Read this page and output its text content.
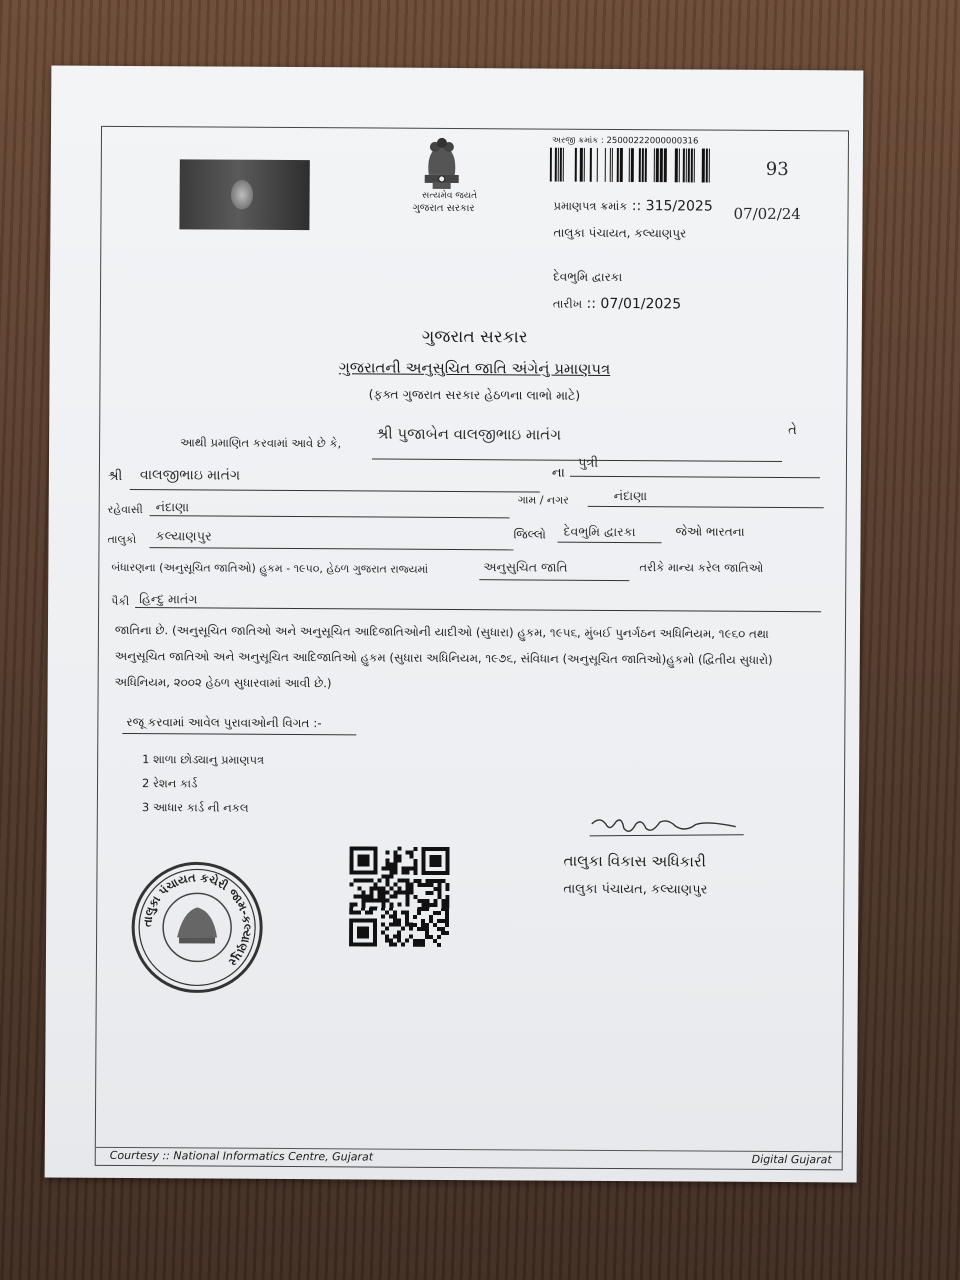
93
07/02/24
સત્યમેવ જયતે
ગુજરાત સરકાર
અરજી ક્રમાંક : 25000222000000316
પ્રમાણપત્ર ક્રમાંક :: 315/2025
તાલુકા પંચાયત, કલ્યાણપુર
દેવભુમિ દ્વારકા
તારીખ :: 07/01/2025
ગુજરાત સરકાર
ગુજરાતની અનુસુચિત જાતિ અંગેનું પ્રમાણપત્ર
(ફક્ત ગુજરાત સરકાર હેઠળના લાભો માટે)
આથી પ્રમાણિત કરવામાં આવે છે કે, શ્રી પુજાબેન વાલજીભાઇ માતંગ	તે
શ્રી વાલજીભાઇ માતંગ	ના
પુત્રી
ગામ / નગર	નંદાણા
રહેવાસી નંદાણા
તાલુકો કલ્યાણપુર	જિલ્લો દેવભુમિ દ્વારકા	જેઓ ભારતના
બંધારણના (અનુસૂચિત જાતિઓ) હુકમ - ૧૯૫૦, હેઠળ ગુજરાત રાજ્યમાં	અનુસુચિત જાતિ	તરીકે માન્ય કરેલ જાતિઓ
પૈકી હિન્દુ માતંગ
જાતિના છે. (અનુસૂચિત જાતિઓ અને અનુસૂચિત આદિજાતિઓની યાદીઓ (સુધારા) હુકમ, ૧૯૫૬, મુંબઈ પુનર્ગઠન અધિનિયમ, ૧૯૬૦ તથા
અનુસૂચિત જાતિઓ અને અનુસૂચિત આદિજાતિઓ હુકમ (સુધારા અધિનિયમ, ૧૯૭૬, સંવિધાન (અનુસૂચિત જાતિઓ)હુકમો (દ્વિતીય સુધારો)
અધિનિયમ, ૨૦૦૨ હેઠળ સુધારવામાં આવી છે.)
રજૂ કરવામાં આવેલ પુરાવાઓની વિગત :-
1 શાળા છોડ્યાનુ પ્રમાણપત્ર
2 રેશન કાર્ડ
3 આધાર કાર્ડ ની નકલ
તાલુકા વિકાસ અધિકારી
તાલુકા પંચાયત, કલ્યાણપુર
તાલુકા પંચાયત કચેરી જામ-કલ્યાણપુર
Courtesy :: National Informatics Centre, Gujarat	Digital Gujarat
